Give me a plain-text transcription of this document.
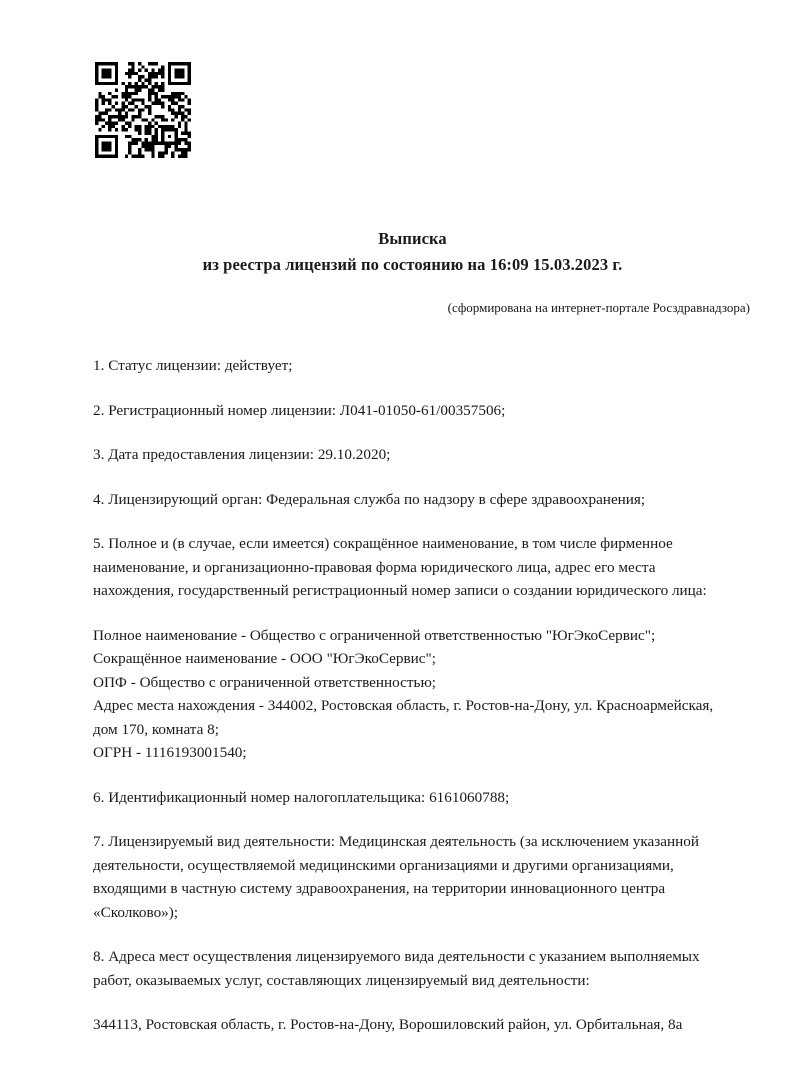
Выписка
из реестра лицензий по состоянию на 16:09 15.03.2023 г.
(сформирована на интернет-портале Росздравнадзора)

1. Статус лицензии: действует;

2. Регистрационный номер лицензии: Л041-01050-61/00357506;

3. Дата предоставления лицензии: 29.10.2020;

4. Лицензирующий орган: Федеральная служба по надзору в сфере здравоохранения;

5. Полное и (в случае, если имеется) сокращённое наименование, в том числе фирменное наименование, и организационно-правовая форма юридического лица, адрес его места нахождения, государственный регистрационный номер записи о создании юридического лица:

Полное наименование - Общество с ограниченной ответственностью "ЮгЭкоСервис";

Сокращённое наименование - ООО "ЮгЭкоСервис";

ОПФ - Общество с ограниченной ответственностью;

Адрес места нахождения - 344002, Ростовская область, г. Ростов-на-Дону, ул. Красноармейская, дом 170, комната 8;

ОГРН - 1116193001540;

6. Идентификационный номер налогоплательщика: 6161060788;

7. Лицензируемый вид деятельности: Медицинская деятельность (за исключением указанной деятельности, осуществляемой медицинскими организациями и другими организациями, входящими в частную систему здравоохранения, на территории инновационного центра «Сколково»);

8. Адреса мест осуществления лицензируемого вида деятельности с указанием выполняемых работ, оказываемых услуг, составляющих лицензируемый вид деятельности:

344113, Ростовская область, г. Ростов-на-Дону, Ворошиловский район, ул. Орбитальная, 8а
